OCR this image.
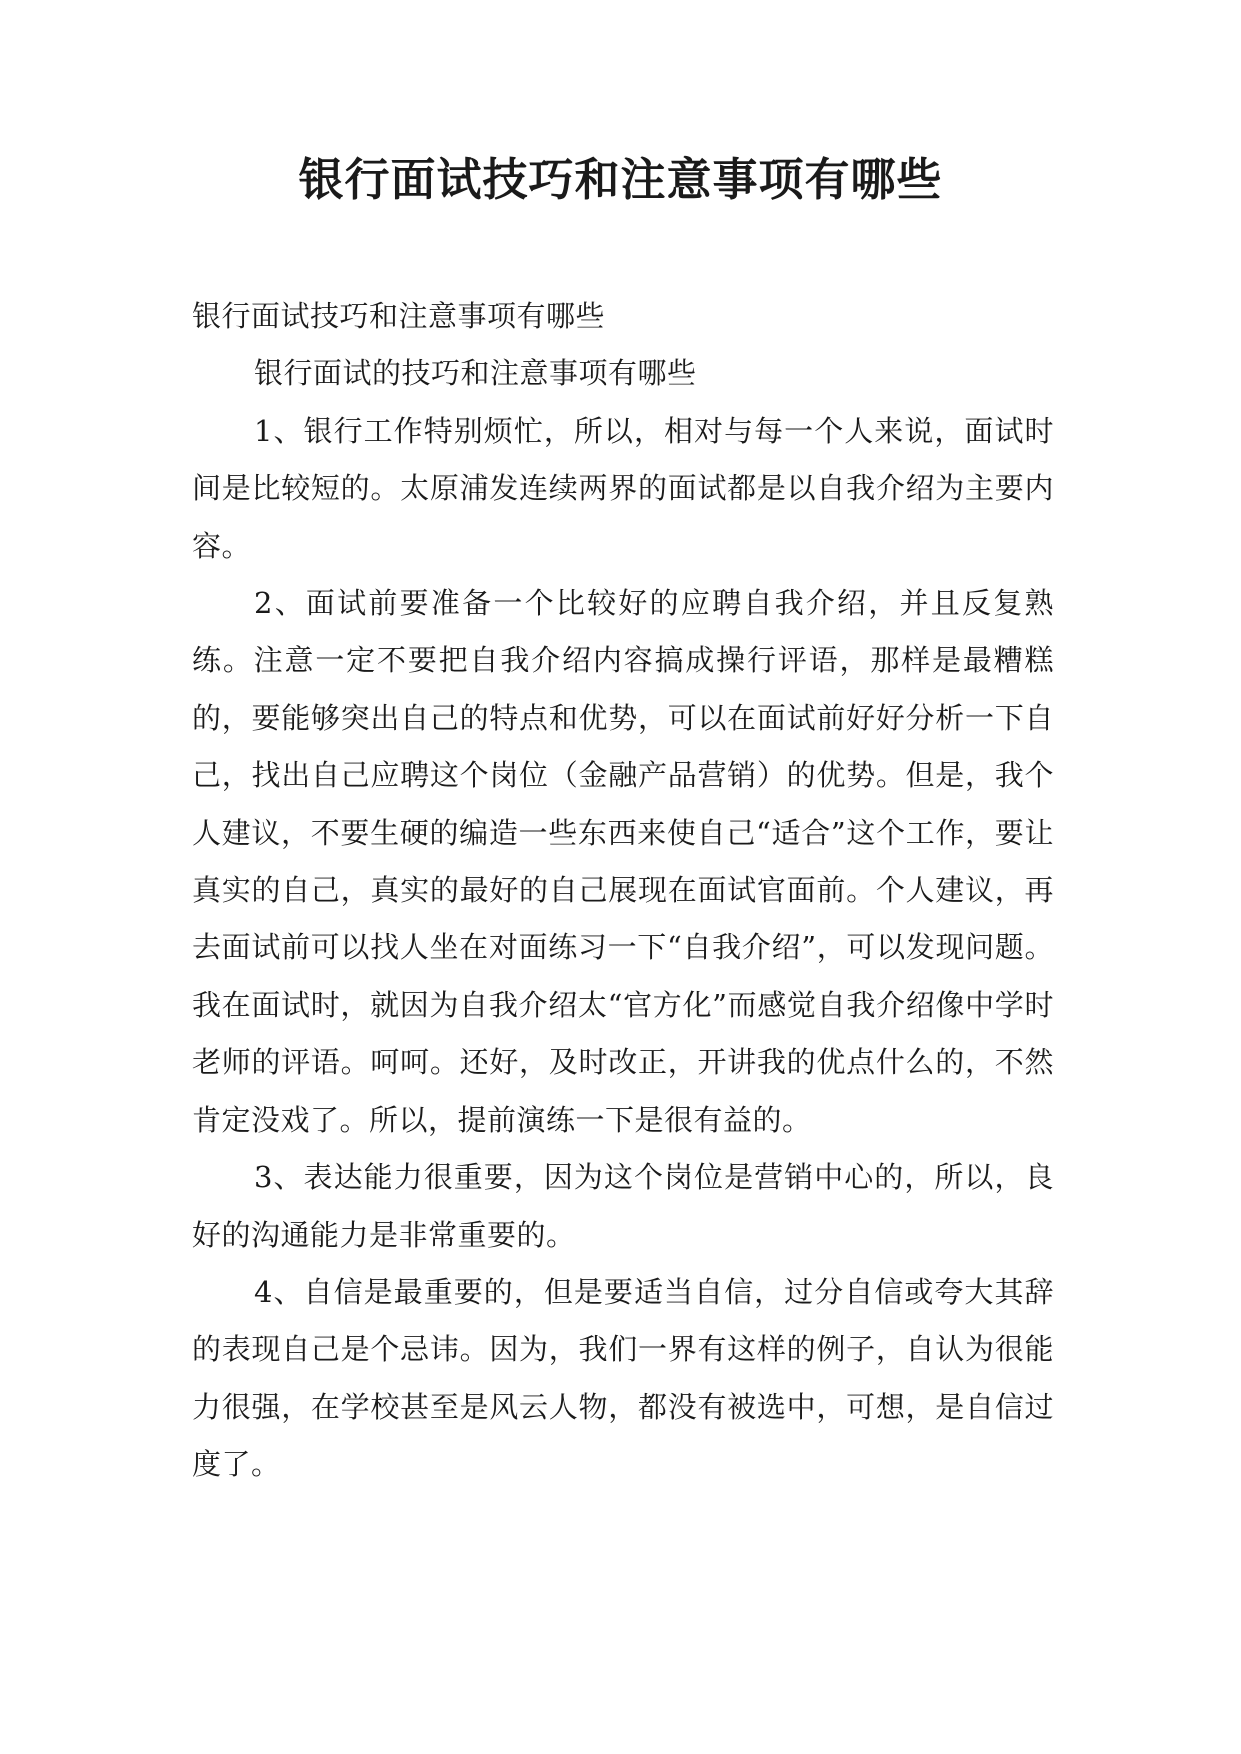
银行面试技巧和注意事项有哪些

银行面试技巧和注意事项有哪些

银行面试的技巧和注意事项有哪些

1、银行工作特别烦忙，所以，相对与每一个人来说，面试时间是比较短的。太原浦发连续两界的面试都是以自我介绍为主要内容。

2、面试前要准备一个比较好的应聘自我介绍，并且反复熟练。注意一定不要把自我介绍内容搞成操行评语，那样是最糟糕的，要能够突出自己的特点和优势，可以在面试前好好分析一下自己，找出自己应聘这个岗位（金融产品营销）的优势。但是，我个人建议，不要生硬的编造一些东西来使自己“适合”这个工作，要让真实的自己，真实的最好的自己展现在面试官面前。个人建议，再去面试前可以找人坐在对面练习一下“自我介绍”，可以发现问题。我在面试时，就因为自我介绍太“官方化”而感觉自我介绍像中学时老师的评语。呵呵。还好，及时改正，开讲我的优点什么的，不然肯定没戏了。所以，提前演练一下是很有益的。

3、表达能力很重要，因为这个岗位是营销中心的，所以，良好的沟通能力是非常重要的。

4、自信是最重要的，但是要适当自信，过分自信或夸大其辞的表现自己是个忌讳。因为，我们一界有这样的例子，自认为很能力很强，在学校甚至是风云人物，都没有被选中，可想，是自信过度了。
